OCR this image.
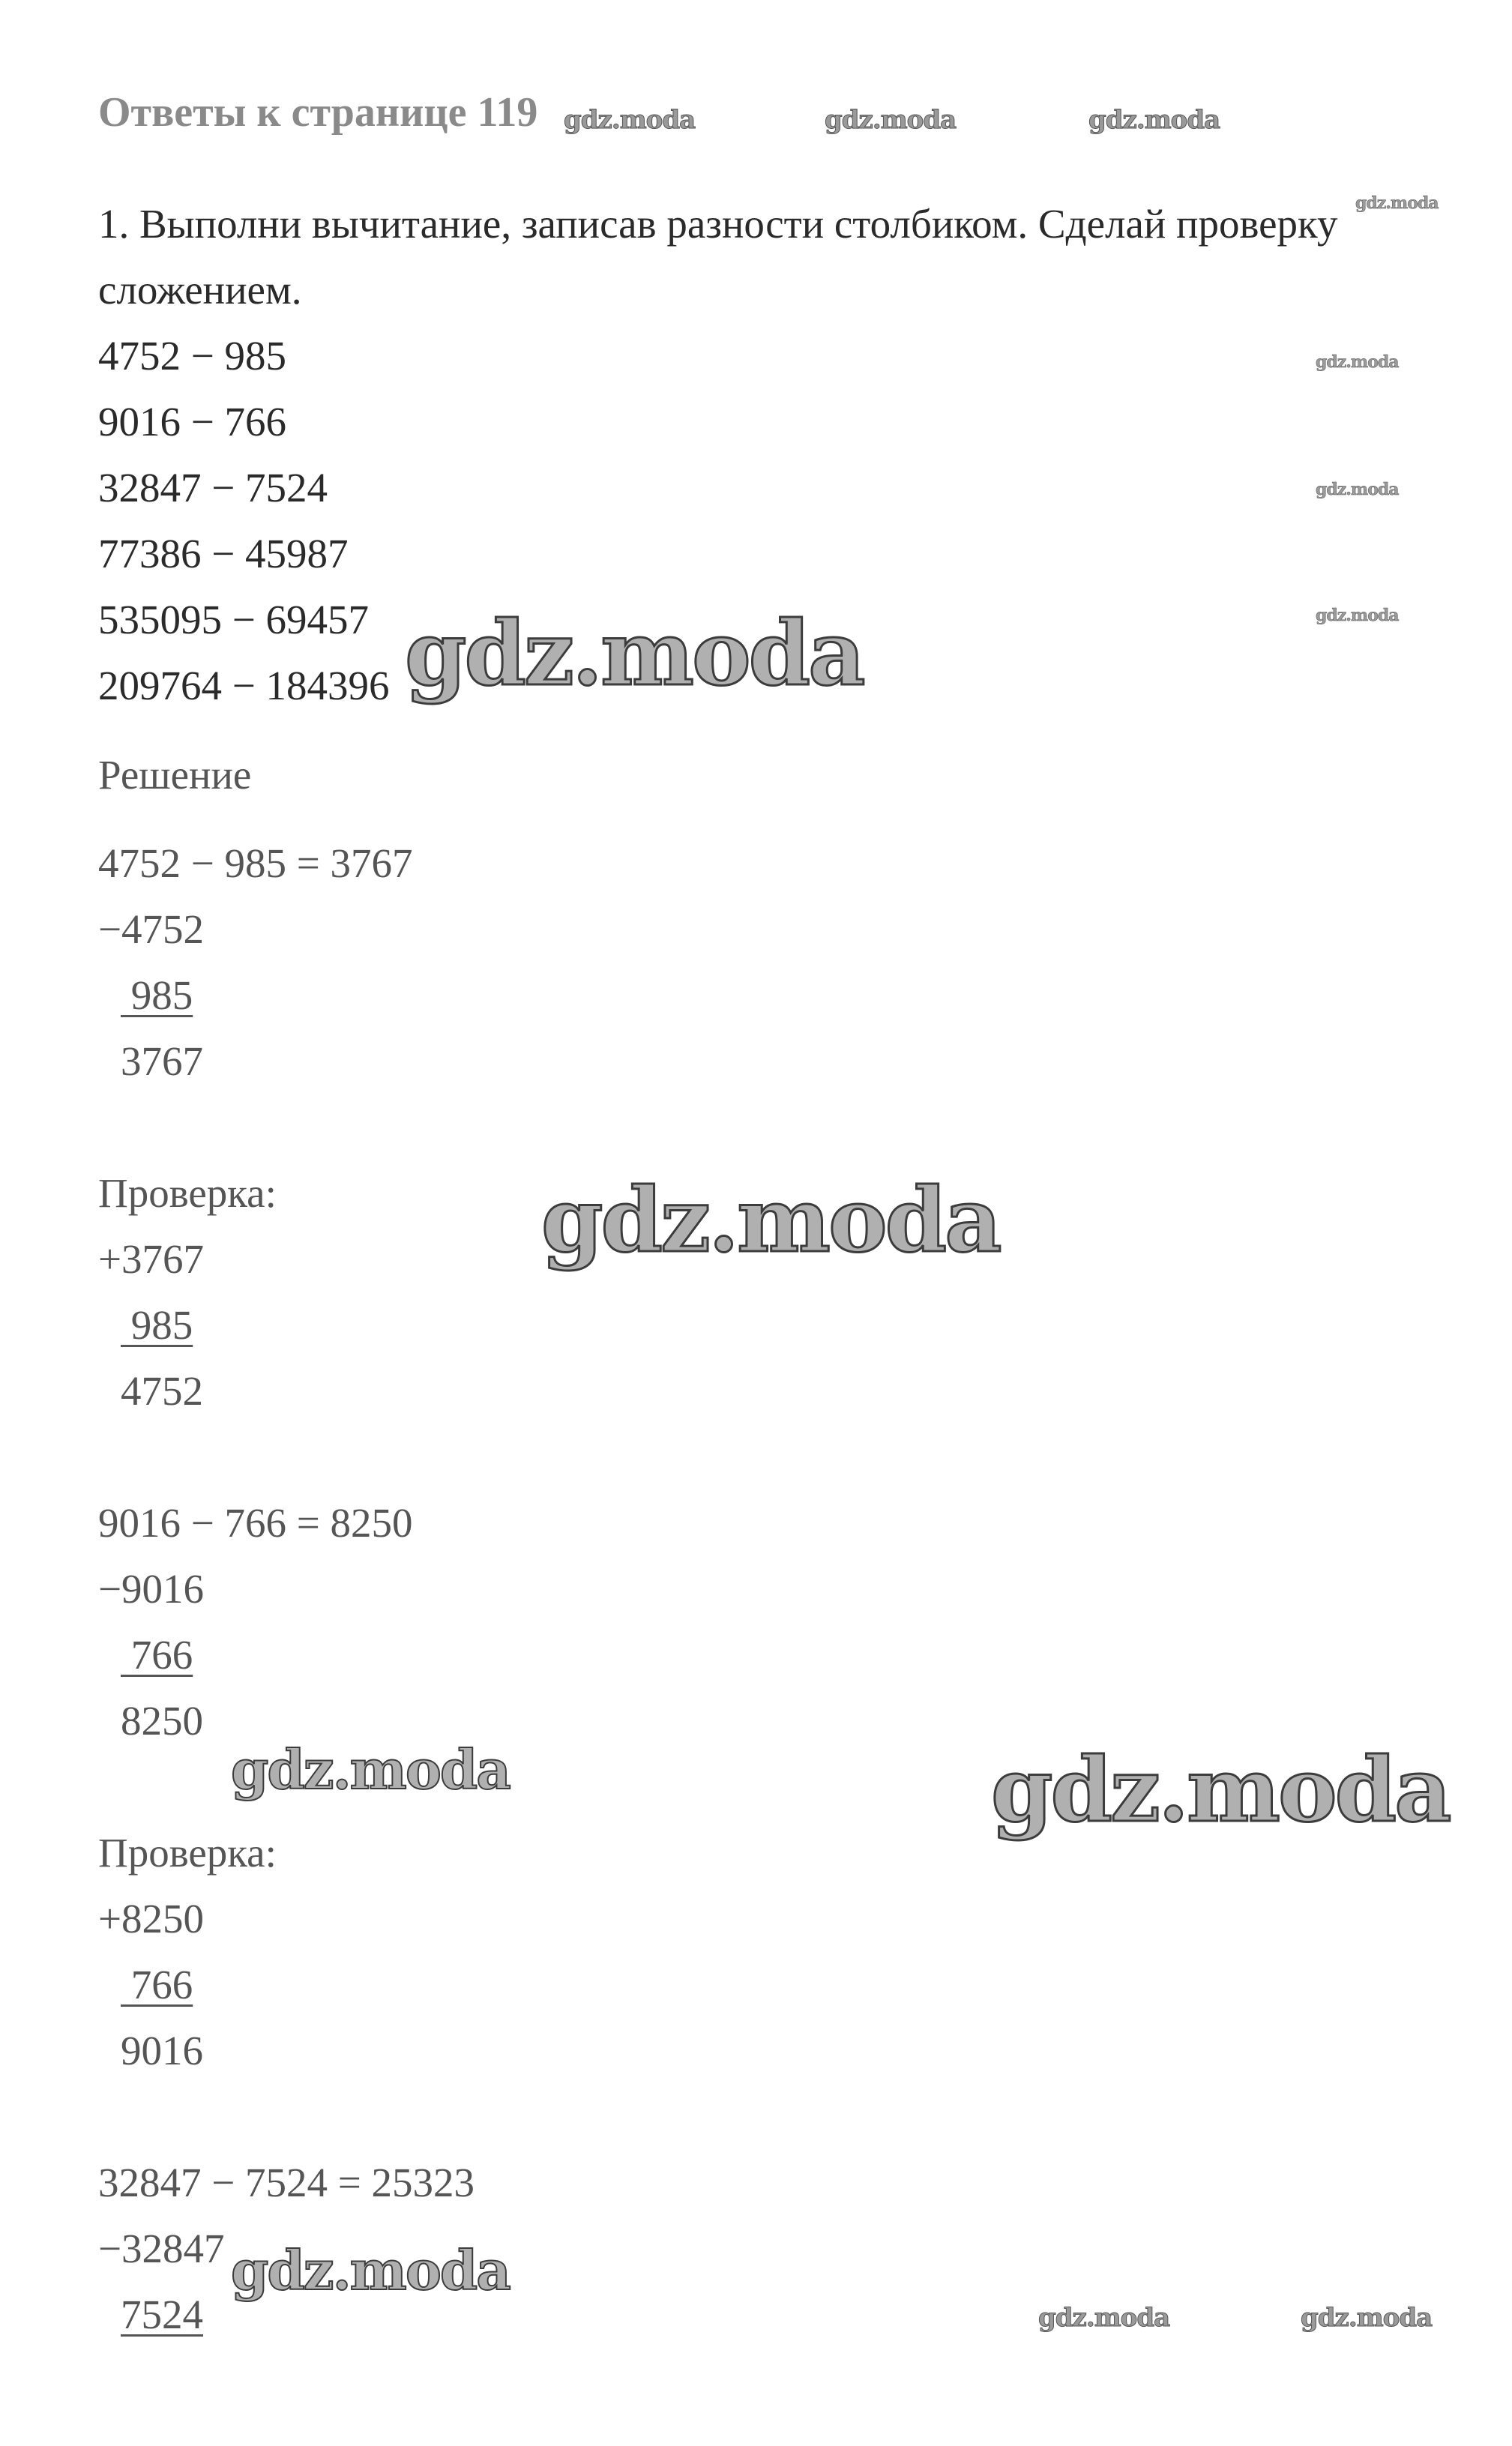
Ответы к странице 119
1. Выполни вычитание, записав разности столбиком. Сделай проверку
сложением.
4752 − 985
9016 − 766
32847 − 7524
77386 − 45987
535095 − 69457
209764 − 184396
Решение
4752 − 985 = 3767
−4752
985
3767
Проверка:
+3767
985
4752
9016 − 766 = 8250
−9016
766
8250
Проверка:
+8250
766
9016
32847 − 7524 = 25323
−32847
7524
gdz.moda	gdz.moda	gdz.moda
gdz.moda
gdz.moda
gdz.moda
gdz.moda
gdz.moda
gdz.moda
gdz.moda	gdz.moda
gdz.moda
gdz.moda	gdz.moda
